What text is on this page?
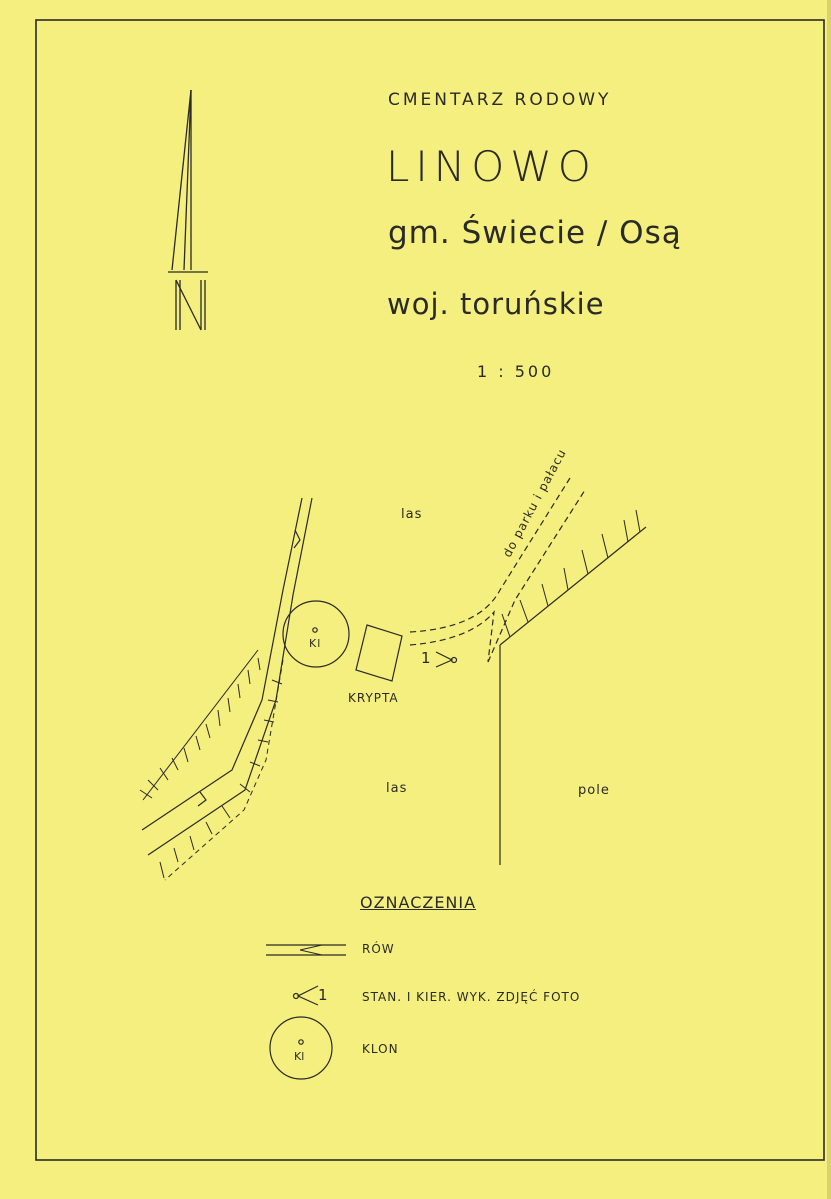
CMENTARZ RODOWY
LINOWO
gm. Świecie / Osą
woj. toruńskie
1 : 500
las
las	pole
do parku i pałacu
KRYPTA
Kl
1
OZNACZENIA
RÓW
1	STAN. I KIER. WYK. ZDJĘĆ FOTO
Kl
KLON
